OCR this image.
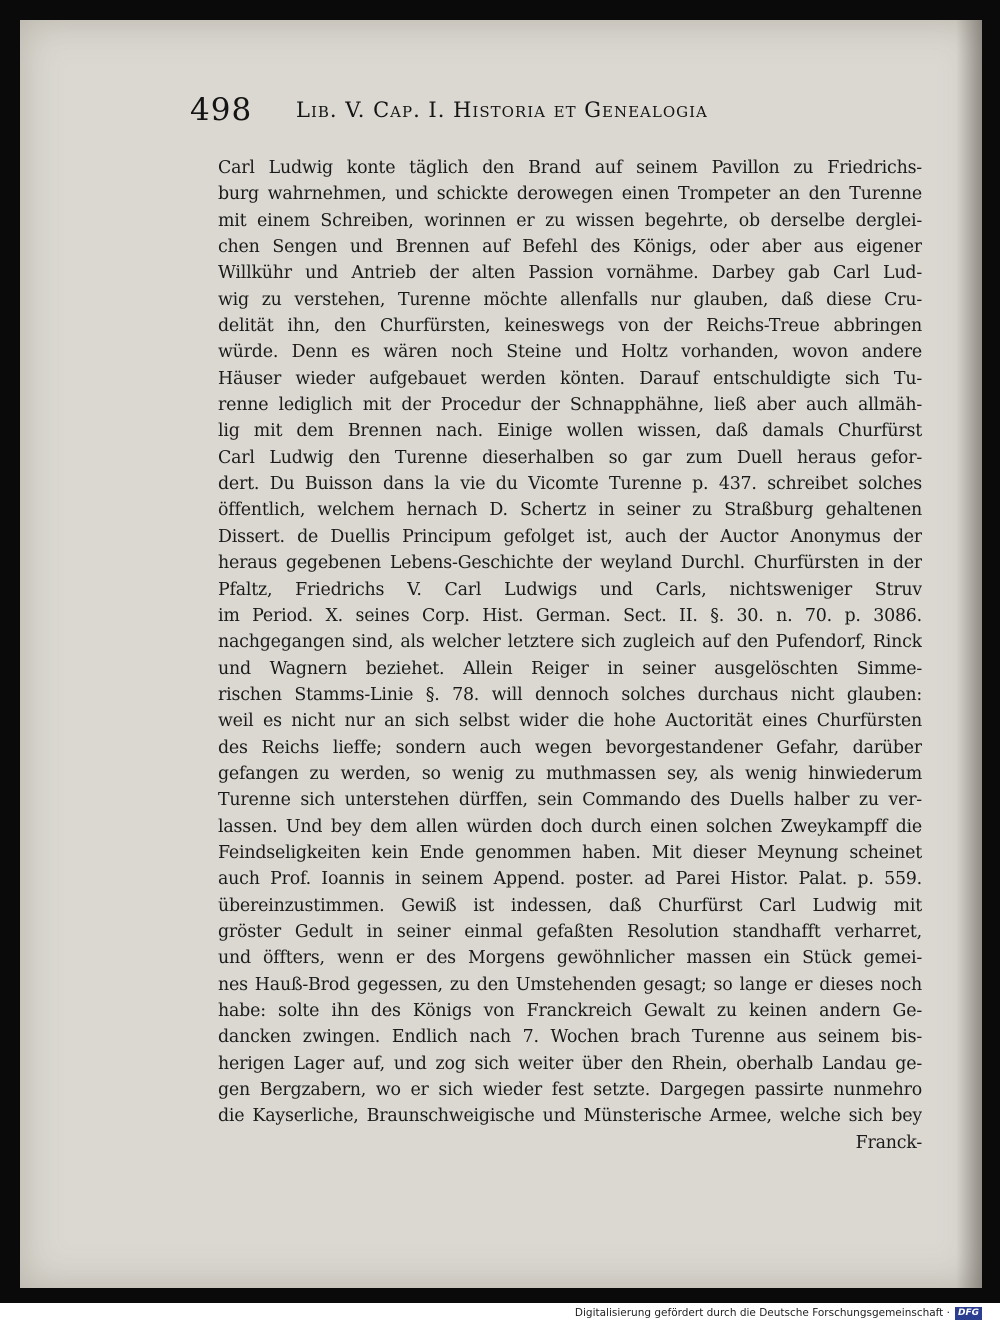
498 Lib. V. Cap. I. Historia et Genealogia
Carl Ludwig konte täglich den Brand auf seinem Pavillon zu Friedrichs-
burg wahrnehmen, und schickte derowegen einen Trompeter an den Turenne
mit einem Schreiben, worinnen er zu wissen begehrte, ob derselbe derglei-
chen Sengen und Brennen auf Befehl des Königs, oder aber aus eigener
Willkühr und Antrieb der alten Passion vornähme. Darbey gab Carl Lud-
wig zu verstehen, Turenne möchte allenfalls nur glauben, daß diese Cru-
delität ihn, den Churfürsten, keineswegs von der Reichs-Treue abbringen
würde. Denn es wären noch Steine und Holtz vorhanden, wovon andere
Häuser wieder aufgebauet werden könten. Darauf entschuldigte sich Tu-
renne lediglich mit der Procedur der Schnapphähne, ließ aber auch allmäh-
lig mit dem Brennen nach. Einige wollen wissen, daß damals Churfürst
Carl Ludwig den Turenne dieserhalben so gar zum Duell heraus gefor-
dert. Du Buisson dans la vie du Vicomte Turenne p. 437. schreibet solches
öffentlich, welchem hernach D. Schertz in seiner zu Straßburg gehaltenen
Dissert. de Duellis Principum gefolget ist, auch der Auctor Anonymus der
heraus gegebenen Lebens-Geschichte der weyland Durchl. Churfürsten in der
Pfaltz, Friedrichs V. Carl Ludwigs und Carls, nichtsweniger Struv
im Period. X. seines Corp. Hist. German. Sect. II. §. 30. n. 70. p. 3086.
nachgegangen sind, als welcher letztere sich zugleich auf den Pufendorf, Rinck
und Wagnern beziehet. Allein Reiger in seiner ausgelöschten Simme-
rischen Stamms-Linie §. 78. will dennoch solches durchaus nicht glauben:
weil es nicht nur an sich selbst wider die hohe Auctorität eines Churfürsten
des Reichs lieffe; sondern auch wegen bevorgestandener Gefahr, darüber
gefangen zu werden, so wenig zu muthmassen sey, als wenig hinwiederum
Turenne sich unterstehen dürffen, sein Commando des Duells halber zu ver-
lassen. Und bey dem allen würden doch durch einen solchen Zweykampff die
Feindseligkeiten kein Ende genommen haben. Mit dieser Meynung scheinet
auch Prof. Ioannis in seinem Append. poster. ad Parei Histor. Palat. p. 559.
übereinzustimmen. Gewiß ist indessen, daß Churfürst Carl Ludwig mit
gröster Gedult in seiner einmal gefaßten Resolution standhafft verharret,
und öffters, wenn er des Morgens gewöhnlicher massen ein Stück gemei-
nes Hauß-Brod gegessen, zu den Umstehenden gesagt; so lange er dieses noch
habe: solte ihn des Königs von Franckreich Gewalt zu keinen andern Ge-
dancken zwingen. Endlich nach 7. Wochen brach Turenne aus seinem bis-
herigen Lager auf, und zog sich weiter über den Rhein, oberhalb Landau ge-
gen Bergzabern, wo er sich wieder fest setzte. Dargegen passirte nunmehro
die Kayserliche, Braunschweigische und Münsterische Armee, welche sich bey
Franck-
Digitalisierung gefördert durch die Deutsche Forschungsgemeinschaft · DFG
